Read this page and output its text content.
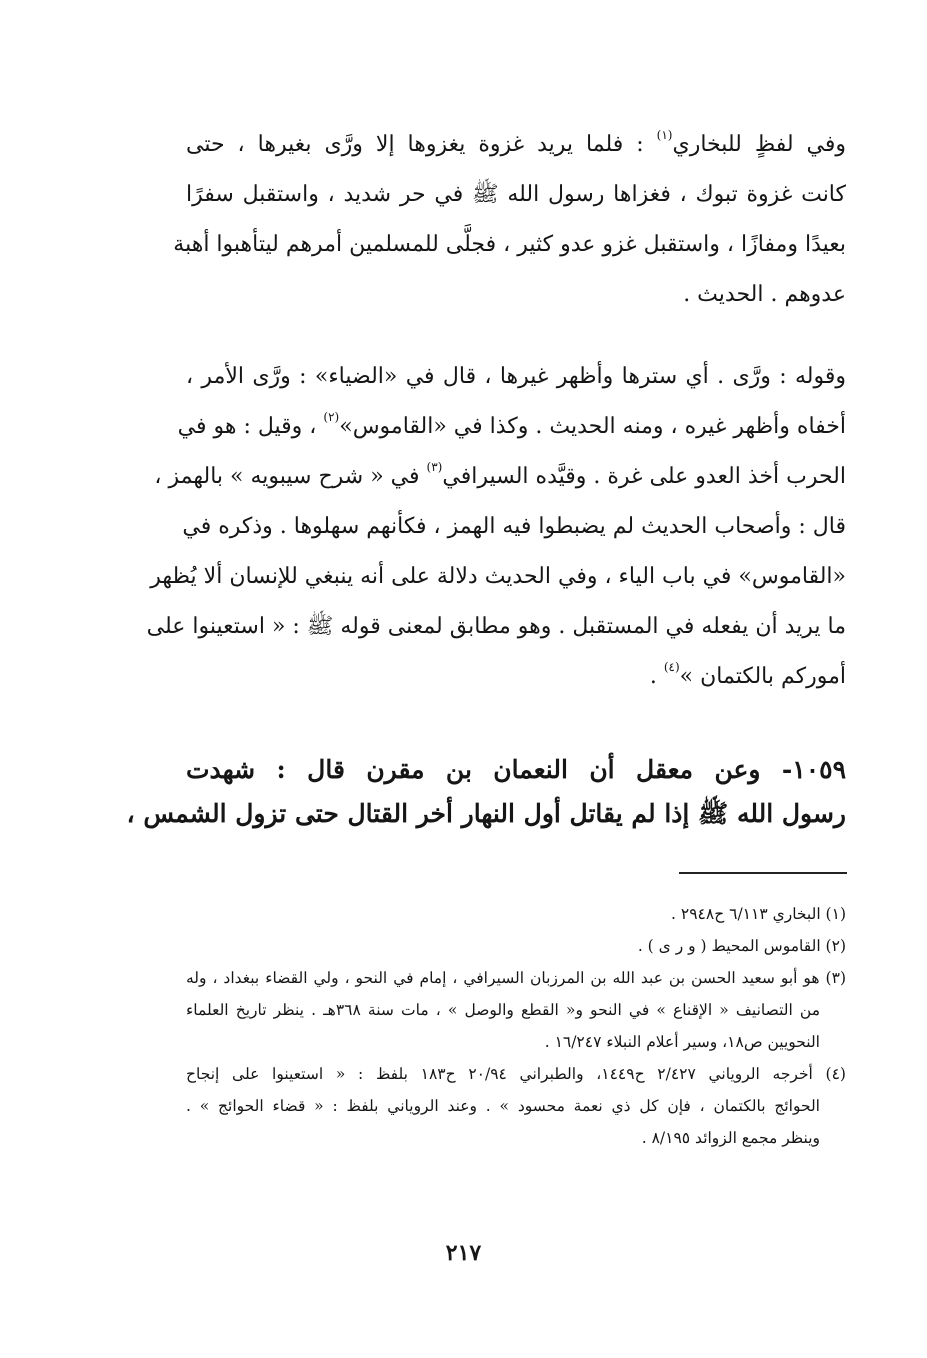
وفي لفظٍ للبخاري$^{(١)}$ : فلما يريد غزوة يغزوها إلا ورَّى بغيرها ، حتى
كانت غزوة تبوك ، فغزاها رسول الله ﷺ في حر شديد ، واستقبل سفرًا
بعيدًا ومفازًا ، واستقبل غزو عدو كثير ، فجلَّى للمسلمين أمرهم ليتأهبوا أهبة
عدوهم . الحديث .
وقوله : ورَّى . أي سترها وأظهر غيرها ، قال في «الضياء» : ورَّى الأمر ،
أخفاه وأظهر غيره ، ومنه الحديث . وكذا في «القاموس»$^{(٢)}$ ، وقيل : هو في
الحرب أخذ العدو على غرة . وقيَّده السيرافي$^{(٣)}$ في « شرح سيبويه » بالهمز ،
قال : وأصحاب الحديث لم يضبطوا فيه الهمز ، فكأنهم سهلوها . وذكره في
«القاموس» في باب الياء ، وفي الحديث دلالة على أنه ينبغي للإنسان ألا يُظهر
ما يريد أن يفعله في المستقبل . وهو مطابق لمعنى قوله ﷺ : « استعينوا على
أموركم بالكتمان »$^{(٤)}$ .
١٠٥٩- وعن معقل أن النعمان بن مقرن قال : شهدت
رسول الله ﷺ إذا لم يقاتل أول النهار أخر القتال حتى تزول الشمس ،
(١) البخاري ٦/١١٣ ح٢٩٤٨ .
(٢) القاموس المحيط ( و ر ى ) .
(٣) هو أبو سعيد الحسن بن عبد الله بن المرزبان السيرافي ، إمام في النحو ، ولي القضاء ببغداد ، وله
من التصانيف « الإقناع » في النحو و« القطع والوصل » ، مات سنة ٣٦٨هـ . ينظر تاريخ العلماء
النحويين ص١٨، وسير أعلام النبلاء ١٦/٢٤٧ .
(٤) أخرجه الروياني ٢/٤٢٧ ح١٤٤٩، والطبراني ٢٠/٩٤ ح١٨٣ بلفظ : « استعينوا على إنجاح
الحوائج بالكتمان ، فإن كل ذي نعمة محسود » . وعند الروياني بلفظ : « قضاء الحوائج » .
وينظر مجمع الزوائد ٨/١٩٥ .
٢١٧
